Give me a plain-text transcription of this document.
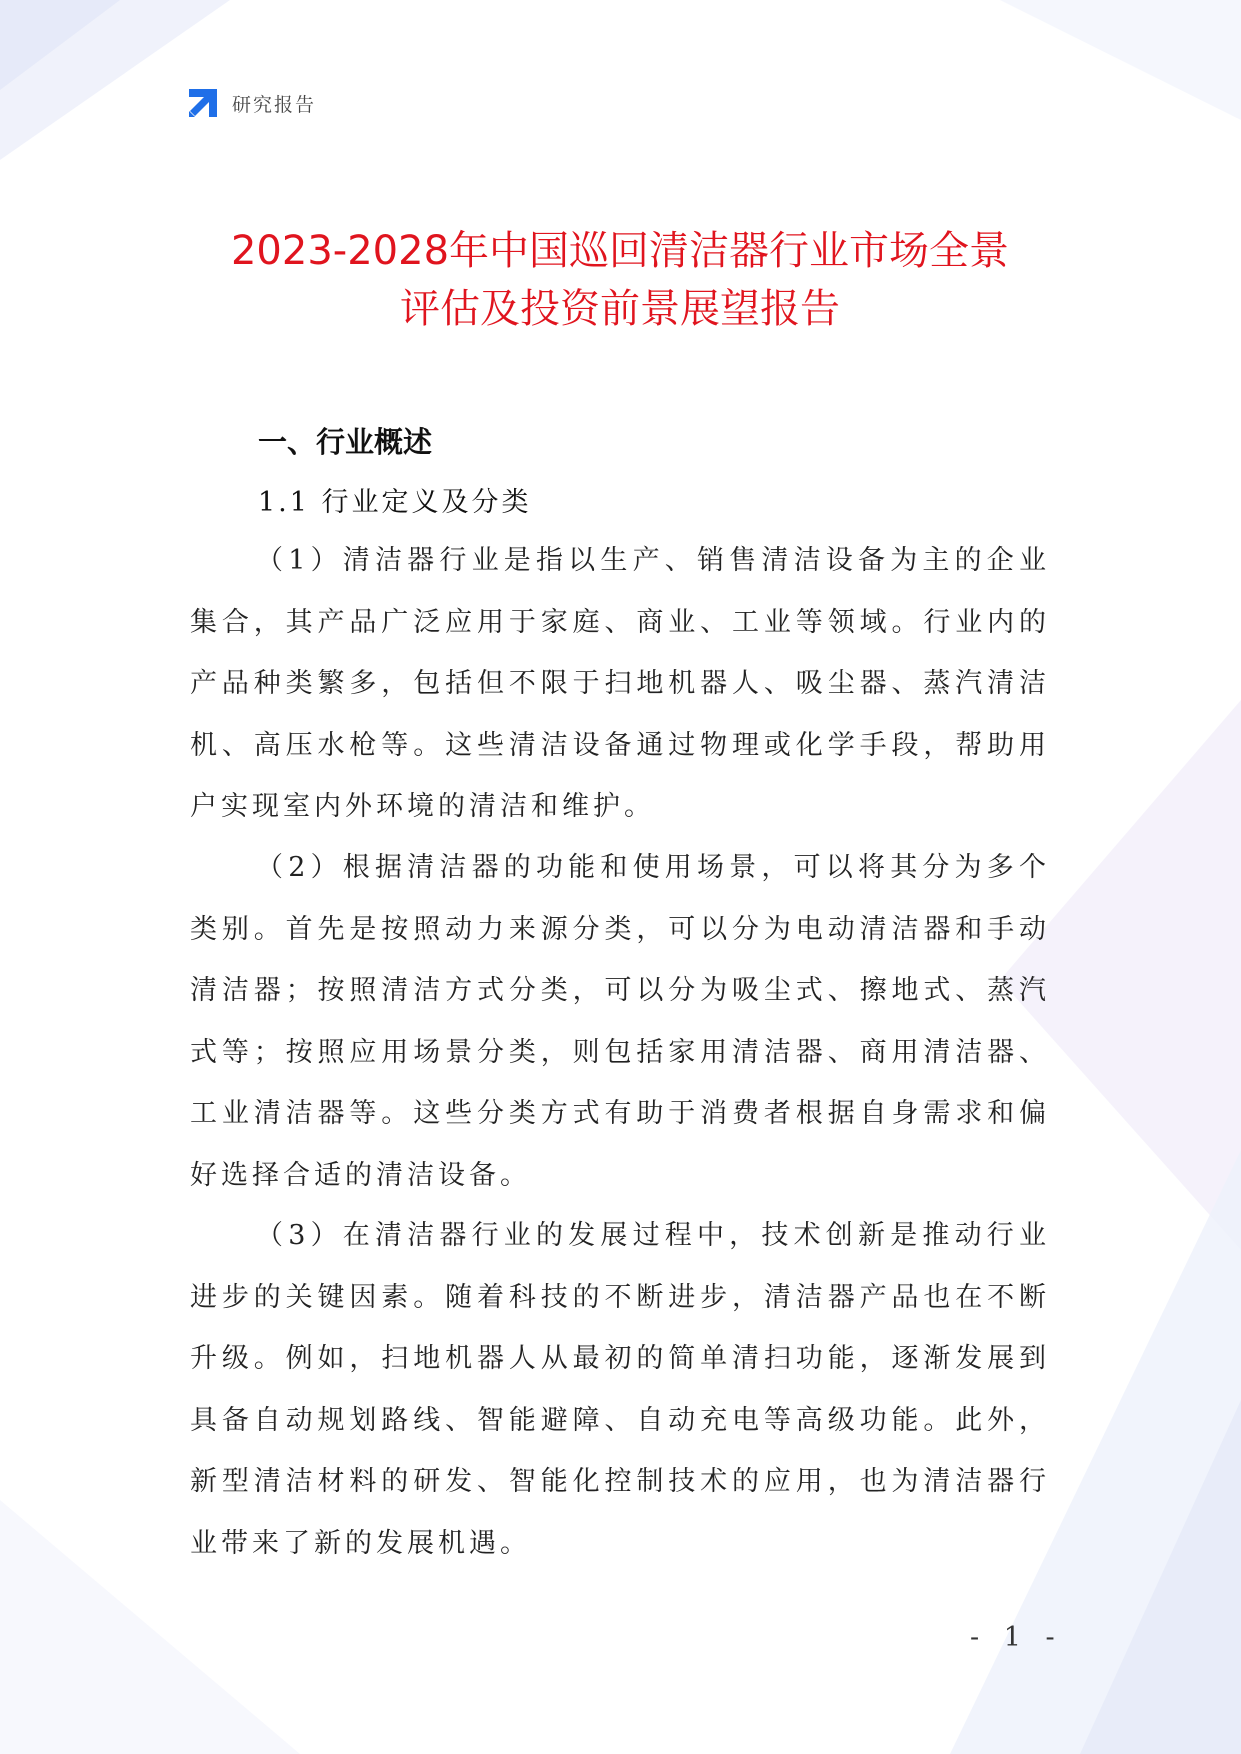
研究报告
2023-2028年中国巡回清洁器行业市场全景
评估及投资前景展望报告
一、行业概述
1.1 行业定义及分类

（1）清洁器行业是指以生产、销售清洁设备为主的企业集合，其产品广泛应用于家庭、商业、工业等领域。行业内的产品种类繁多，包括但不限于扫地机器人、吸尘器、蒸汽清洁机、高压水枪等。这些清洁设备通过物理或化学手段，帮助用户实现室内外环境的清洁和维护。

（2）根据清洁器的功能和使用场景，可以将其分为多个类别。首先是按照动力来源分类，可以分为电动清洁器和手动清洁器；按照清洁方式分类，可以分为吸尘式、擦地式、蒸汽式等；按照应用场景分类，则包括家用清洁器、商用清洁器、工业清洁器等。这些分类方式有助于消费者根据自身需求和偏好选择合适的清洁设备。

（3）在清洁器行业的发展过程中，技术创新是推动行业进步的关键因素。随着科技的不断进步，清洁器产品也在不断升级。例如，扫地机器人从最初的简单清扫功能，逐渐发展到具备自动规划路线、智能避障、自动充电等高级功能。此外，新型清洁材料的研发、智能化控制技术的应用，也为清洁器行业带来了新的发展机遇。

- 1 -
